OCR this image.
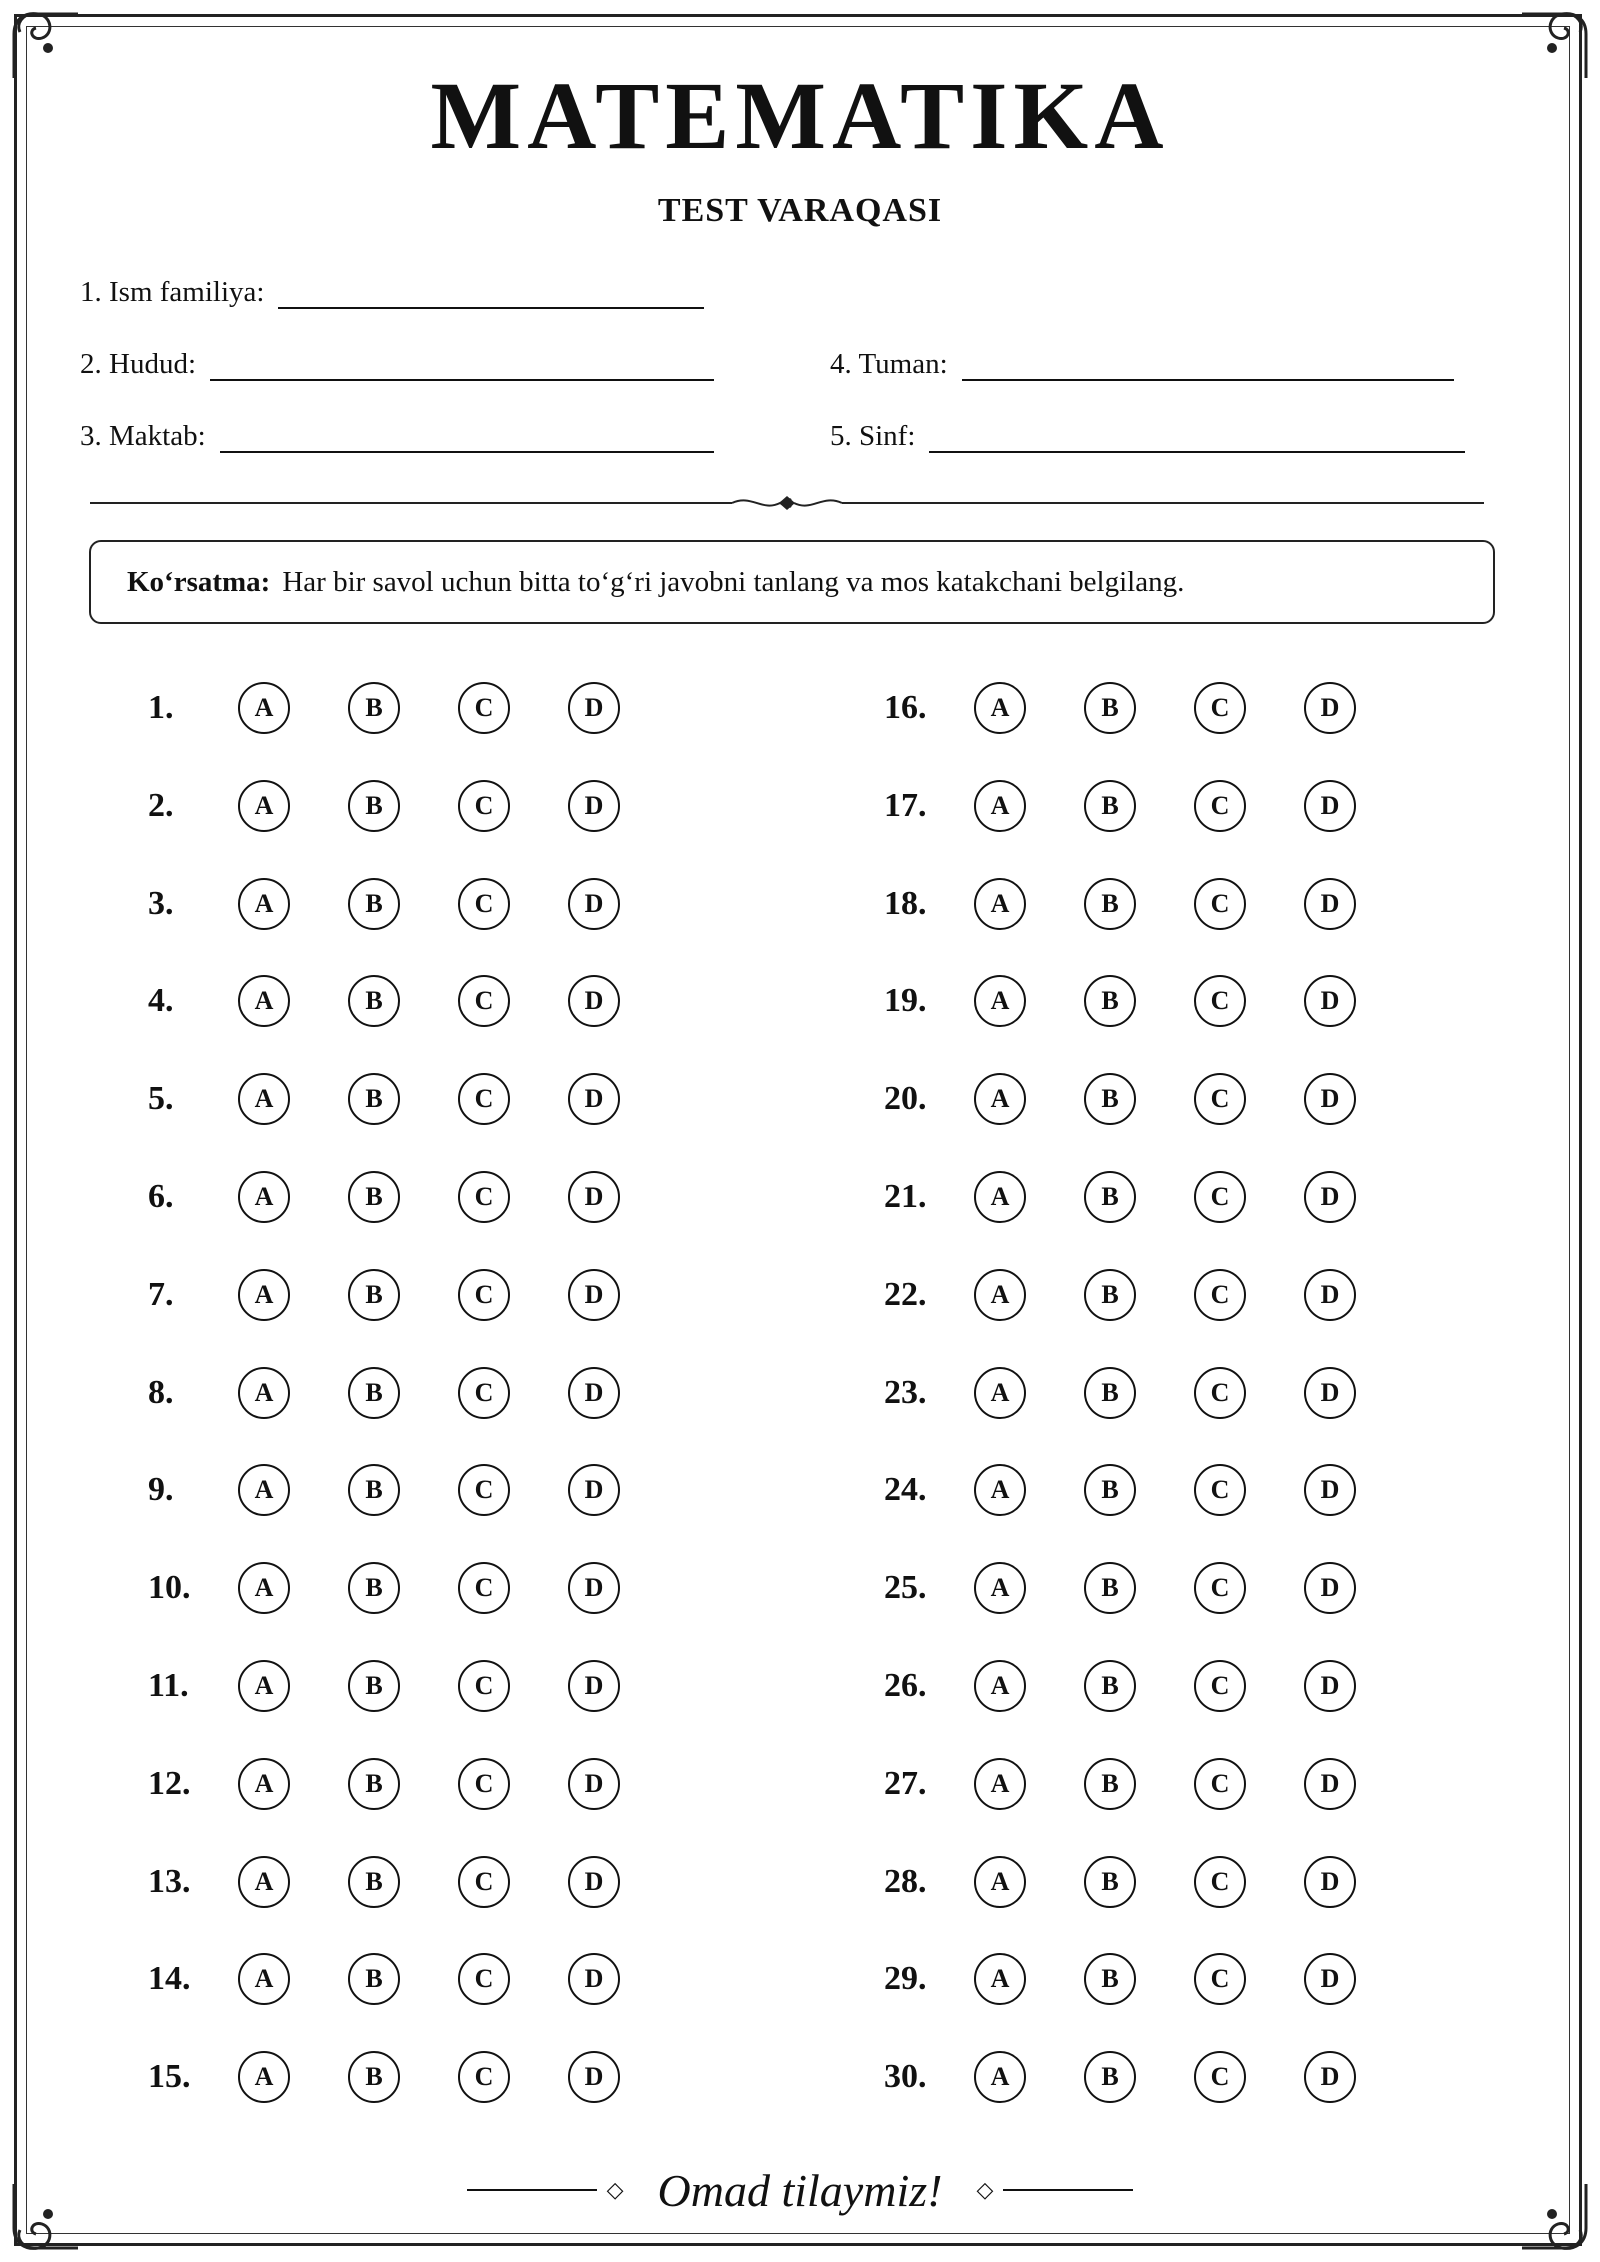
MATEMATIKA
TEST VARAQASI
1. Ism familiya:
2. Hudud:
3. Maktab:
4. Tuman:
5. Sinf:
Ko‘rsatma: Har bir savol uchun bitta to‘g‘ri javobni tanlang va mos katakchani belgilang.
1.	A	B	C	D
2.	A	B	C	D
3.	A	B	C	D
4.	A	B	C	D
5.	A	B	C	D
6.	A	B	C	D
7.	A	B	C	D
8.	A	B	C	D
9.	A	B	C	D
10.	A	B	C	D
11.	A	B	C	D
12.	A	B	C	D
13.	A	B	C	D
14.	A	B	C	D
15.	A	B	C	D
16.	A	B	C	D
17.	A	B	C	D
18.	A	B	C	D
19.	A	B	C	D
20.	A	B	C	D
21.	A	B	C	D
22.	A	B	C	D
23.	A	B	C	D
24.	A	B	C	D
25.	A	B	C	D
26.	A	B	C	D
27.	A	B	C	D
28.	A	B	C	D
29.	A	B	C	D
30.	A	B	C	D
◇ Omad tilaymiz! ◇
